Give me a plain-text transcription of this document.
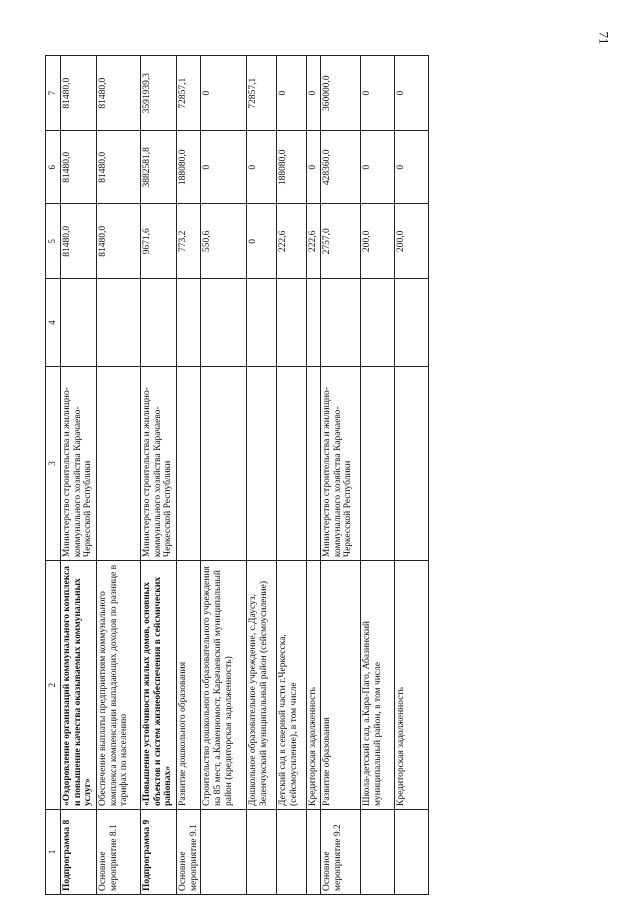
71
1	2	3	4	5	6	7
Подпрограмма 8	«Оздоровление организаций коммунального комплекса и повышение качества оказываемых коммунальных услуг»	Министерство строительства и жилищно-коммунального хозяйства Карачаево-Черкесской Республики		81480,0	81480,0	81480,0
Основное мероприятие 8.1	Обеспечение выплаты предприятиям коммунального комплекса компенсации выпадающих доходов по разнице в тарифах по населению			81480,0	81480,0	81480,0
Подпрограмма 9	«Повышение устойчивости жилых домов, основных объектов и систем жизнеобеспечения в сейсмических районах»	Министерство строительства и жилищно-коммунального хозяйства Карачаево-Черкесской Республики		9671,6	3882581,8	3591939,3
Основное мероприятие 9.1	Развитие дошкольного образования			773,2	188080,0	72857,1
	Строительство дошкольного образовательного учреждения на 85 мест, а.Каменномост, Карачаевский муниципальный район (кредиторская задолженность)			550,6	0	0
	Дошкольное образовательное учреждение, с.Даусуз, Зеленчукский муниципальный район (сейсмоусиление)			0	0	72857,1
	Детский сад в северной части г.Черкесска, (сейсмоусиление), в том числе			222,6	188080,0	0
	Кредиторская задолженность			222,6	0	0
Основное мероприятие 9.2	Развитие образования	Министерство строительства и жилищно-коммунального хозяйства Карачаево-Черкесской Республики		2757,0	428360,0	360000,0
	Школа-детский сад, а.Кара-Паго, Абазинский муниципальный район, в том числе			200,0	0	0
	Кредиторская задолженность			200,0	0	0
